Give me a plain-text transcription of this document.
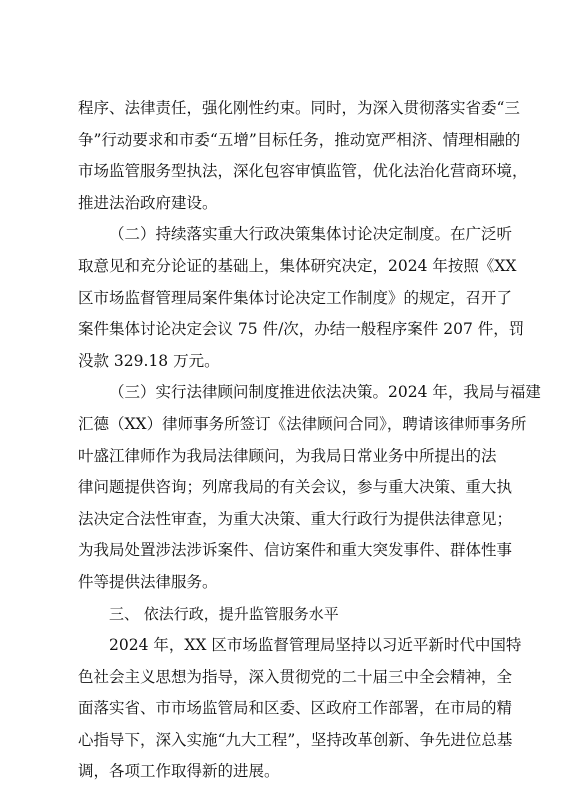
程序、法律责任，强化刚性约束。同时，为深入贯彻落实省委“三
争”行动要求和市委“五增”目标任务，推动宽严相济、情理相融的
市场监管服务型执法，深化包容审慎监管，优化法治化营商环境，
推进法治政府建设。
（二）持续落实重大行政决策集体讨论决定制度。在广泛听
取意见和充分论证的基础上，集体研究决定，2024 年按照《XX
区市场监督管理局案件集体讨论决定工作制度》的规定，召开了
案件集体讨论决定会议 75 件/次，办结一般程序案件 207 件，罚
没款 329.18 万元。
（三）实行法律顾问制度推进依法决策。2024 年，我局与福建
汇德（XX）律师事务所签订《法律顾问合同》，聘请该律师事务所
叶盛江律师作为我局法律顾问，为我局日常业务中所提出的法
律问题提供咨询；列席我局的有关会议，参与重大决策、重大执
法决定合法性审查，为重大决策、重大行政行为提供法律意见；
为我局处置涉法涉诉案件、信访案件和重大突发事件、群体性事
件等提供法律服务。
三、 依法行政，提升监管服务水平
2024 年，XX 区市场监督管理局坚持以习近平新时代中国特
色社会主义思想为指导，深入贯彻党的二十届三中全会精神，全
面落实省、市市场监管局和区委、区政府工作部署，在市局的精
心指导下，深入实施“九大工程”，坚持改革创新、争先进位总基
调，各项工作取得新的进展。
